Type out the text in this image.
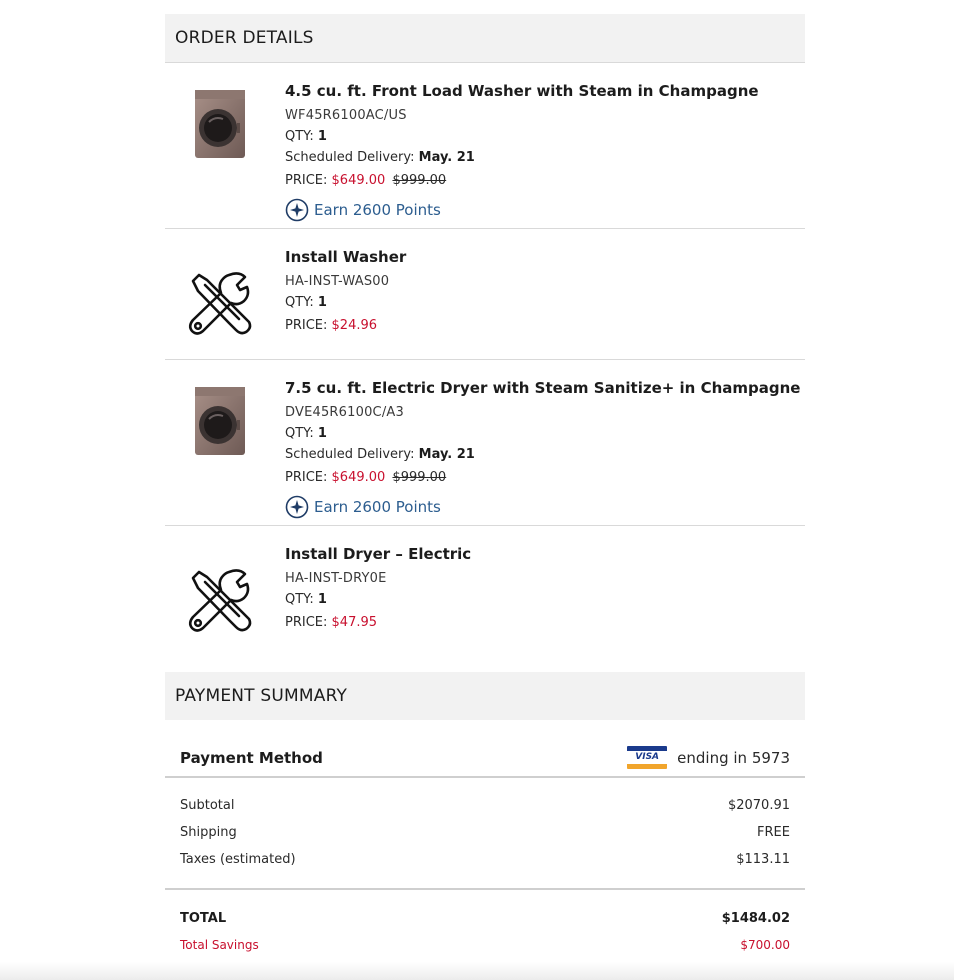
ORDER DETAILS
4.5 cu. ft. Front Load Washer with Steam in Champagne
WF45R6100AC/US
QTY: 1
Scheduled Delivery: May. 21
PRICE: $649.00 $999.00
Earn 2600 Points
Install Washer
HA-INST-WAS00
QTY: 1
PRICE: $24.96
7.5 cu. ft. Electric Dryer with Steam Sanitize+ in Champagne
DVE45R6100C/A3
QTY: 1
Scheduled Delivery: May. 21
PRICE: $649.00 $999.00
Earn 2600 Points
Install Dryer – Electric
HA-INST-DRY0E
QTY: 1
PRICE: $47.95
PAYMENT SUMMARY
Payment Method	VISA	ending in 5973
Subtotal	$2070.91
Shipping	FREE
Taxes (estimated)	$113.11
TOTAL	$1484.02
Total Savings	$700.00
